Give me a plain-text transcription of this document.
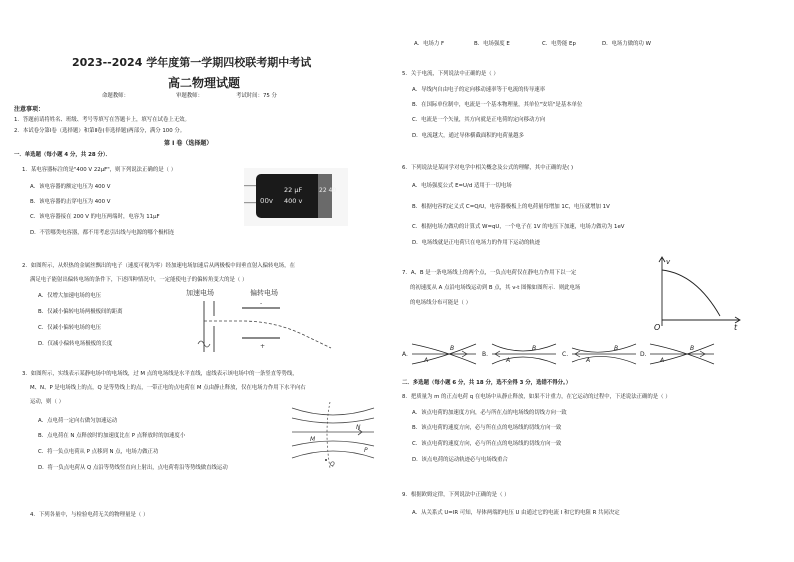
2023--2024 学年度第一学期四校联考期中考试
高二物理试题
命题教师：	审题教师：	考试时间：75 分
注意事项：
1．答题前请将姓名、班级、考号等填写在答题卡上，填写在试卷上无效。
2．本试卷分第Ⅰ卷（选择题）和第Ⅱ卷(非选择题)两部分，满分 100 分。
第 Ⅰ 卷（选择题）
一．单选题（每小题 4 分，共 28 分）．
1．某电容器标注的是"400 V 22μF"，则下列说法正确的是（ ）
A．该电容器的额定电压为 400 V
B．该电容器的击穿电压为 400 V
C．该电容器接在 200 V 的电压两端时，电容为 11μF
D．不管哪类电容器，都不用考虑引出线与电源的哪个极相连
00v
22 μF
400 v
22 40
2．如图所示，从炽热的金属丝飘出的电子（速度可视为零）经加速电场加速后从两极板中间垂直射入偏转电场，在
满足电子能射出偏转电场的条件下，下述四种情况中，一定能使电子的偏转角变大的是（ ）
A．仅增大加速电场的电压
B．仅减小偏转电场两极板间的距离
C．仅减小偏转电场的电压
D．仅减小偏转电场极板的长度
加速电场	偏转电场
-
+
3．如图所示，实线表示某静电场中的电场线，过 M 点的电场线是水平直线，虚线表示该电场中的一条竖直等势线，
M、N、P 是电场线上的点，Q 是等势线上的点，一带正电的点电荷在 M 点由静止释放，仅在电场力作用下水平向右
运动，则（ ）
A．点电荷一定向右做匀加速运动
B．点电荷在 N 点释放时的加速度比在 P 点释放时的加速度小
C．将一负点电荷从 P 点移到 N 点，电场力做正功
D．将一负点电荷从 Q 点沿等势线竖直向上射出，点电荷将沿等势线做直线运动
M
N
P
Q
4．下列各量中，与检验电荷无关的物理量是（ ）
A．电场力 F	B．电场强度 E	C．电势能 Ep	D．电场力做的功 W
5．关于电流，下列说法中正确的是（ ）
A．导线内自由电子的定向移动速率等于电流的传导速率
B．在国际单位制中，电流是一个基本物理量，其单位"安培"是基本单位
C．电流是一个矢量，其方向就是正电荷的定向移动方向
D．电流越大，通过导体横截面积的电荷量越多
6．下列说法是某同学对电学中相关概念及公式的理解，其中正确的是( )
A．电场强度公式 E=U/d 适用于一切电场
B．根据电容的定义式 C=Q/U，电容器极板上的电荷量每增加 1C，电压就增加 1V
C．根据电场力做功的计算式 W=qU，一个电子在 1V 的电压下加速，电场力做功为 1eV
D．电场线就是正电荷只在电场力的作用下运动的轨迹
7．A、B 是一条电场线上的两个点，一负点电荷仅在静电力作用下以一定
的初速度从 A 点沿电场线运动到 B 点，其 v-t 图像如图所示．则此电场
的电场线分布可能是（ ）
v
O	t
A.
A
B
B.
A
B
C.
A
B
D.
A
B
二．多选题（每小题 6 分，共 18 分，选不全得 3 分，选错不得分。）
8．把质量为 m 的正点电荷 q 在电场中从静止释放，如果不计重力，在它运动的过程中，下述说法正确的是（ ）
A．该点电荷的加速度方向，必与所在点的电场线的切线方向一致
B．该点电荷的速度方向，必与所在点的电场线的切线方向一致
C．该点电荷的速度方向，必与所在点的电场线的切线方向一致
D．该点电荷的运动轨迹必与电场线重合
9．根据欧姆定律，下列说法中正确的是（ ）
A．从关系式 U=IR 可知，导体两端的电压 U 由通过它的电流 I 和它的电阻 R 共同决定
